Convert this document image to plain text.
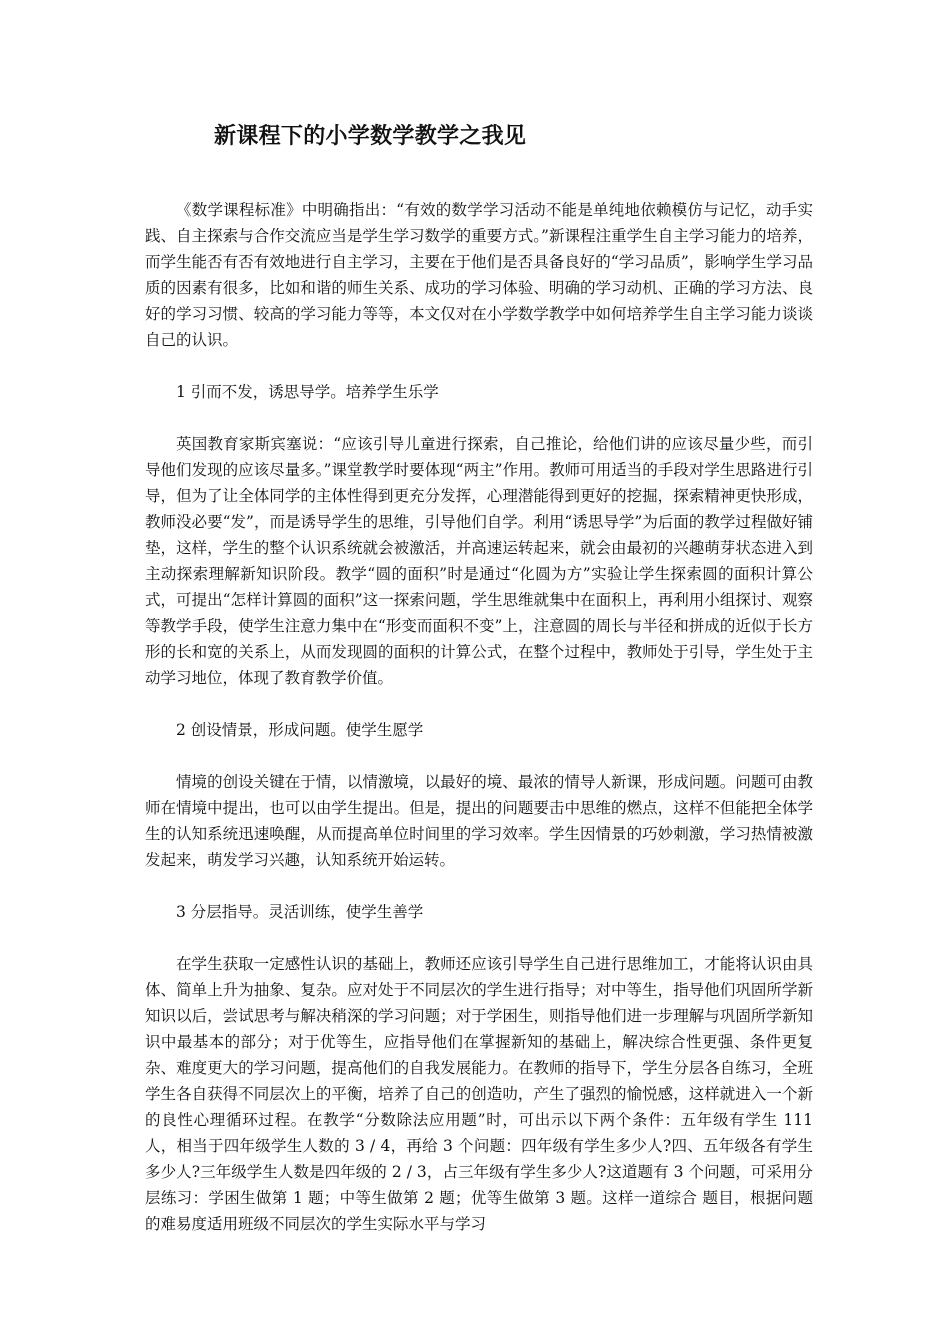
新课程下的小学数学教学之我见

《数学课程标准》中明确指出：“有效的数学学习活动不能是单纯地依赖模仿与记忆，动手实践、自主探索与合作交流应当是学生学习数学的重要方式。”新课程注重学生自主学习能力的培养，而学生能否有否有效地进行自主学习，主要在于他们是否具备良好的“学习品质”，影响学生学习品质的因素有很多，比如和谐的师生关系、成功的学习体验、明确的学习动机、正确的学习方法、良好的学习习惯、较高的学习能力等等，本文仅对在小学数学教学中如何培养学生自主学习能力谈谈自己的认识。

1 引而不发，诱思导学。培养学生乐学

英国教育家斯宾塞说：“应该引导儿童进行探索，自己推论，给他们讲的应该尽量少些，而引导他们发现的应该尽量多。”课堂教学时要体现“两主”作用。教师可用适当的手段对学生思路进行引导，但为了让全体同学的主体性得到更充分发挥，心理潜能得到更好的挖掘，探索精神更快形成，教师没必要“发”，而是诱导学生的思维，引导他们自学。利用“诱思导学”为后面的教学过程做好铺垫，这样，学生的整个认识系统就会被激活，并高速运转起来，就会由最初的兴趣萌芽状态进入到主动探索理解新知识阶段。教学“圆的面积”时是通过“化圆为方”实验让学生探索圆的面积计算公式，可提出“怎样计算圆的面积”这一探索问题，学生思维就集中在面积上，再利用小组探讨、观察等教学手段，使学生注意力集中在“形变而面积不变”上，注意圆的周长与半径和拼成的近似于长方形的长和宽的关系上，从而发现圆的面积的计算公式，在整个过程中，教师处于引导，学生处于主动学习地位，体现了教育教学价值。

2 创设情景，形成问题。使学生愿学

情境的创设关键在于情，以情激境，以最好的境、最浓的情导人新课，形成问题。问题可由教师在情境中提出，也可以由学生提出。但是，提出的问题要击中思维的燃点，这样不但能把全体学生的认知系统迅速唤醒，从而提高单位时间里的学习效率。学生因情景的巧妙刺激，学习热情被激发起来，萌发学习兴趣，认知系统开始运转。

3 分层指导。灵活训练，使学生善学

在学生获取一定感性认识的基础上，教师还应该引导学生自己进行思维加工，才能将认识由具体、简单上升为抽象、复杂。应对处于不同层次的学生进行指导；对中等生，指导他们巩固所学新知识以后，尝试思考与解决稍深的学习问题；对于学困生，则指导他们进一步理解与巩固所学新知识中最基本的部分；对于优等生，应指导他们在掌握新知的基础上，解决综合性更强、条件更复杂、难度更大的学习问题，提高他们的自我发展能力。在教师的指导下，学生分层各自练习，全班学生各自获得不同层次上的平衡，培养了自己的创造叻，产生了强烈的愉悦感，这样就进入一个新的良性心理循环过程。在教学“分数除法应用题”时，可出示以下两个条件：五年级有学生 111 人，相当于四年级学生人数的 3 / 4，再给 3 个问题：四年级有学生多少人?四、五年级各有学生多少人?三年级学生人数是四年级的 2 / 3，占三年级有学生多少人?这道题有 3 个问题，可采用分层练习：学困生做第 1 题；中等生做第 2 题；优等生做第 3 题。这样一道综合 题目，根据问题的难易度适用班级不同层次的学生实际水平与学习
